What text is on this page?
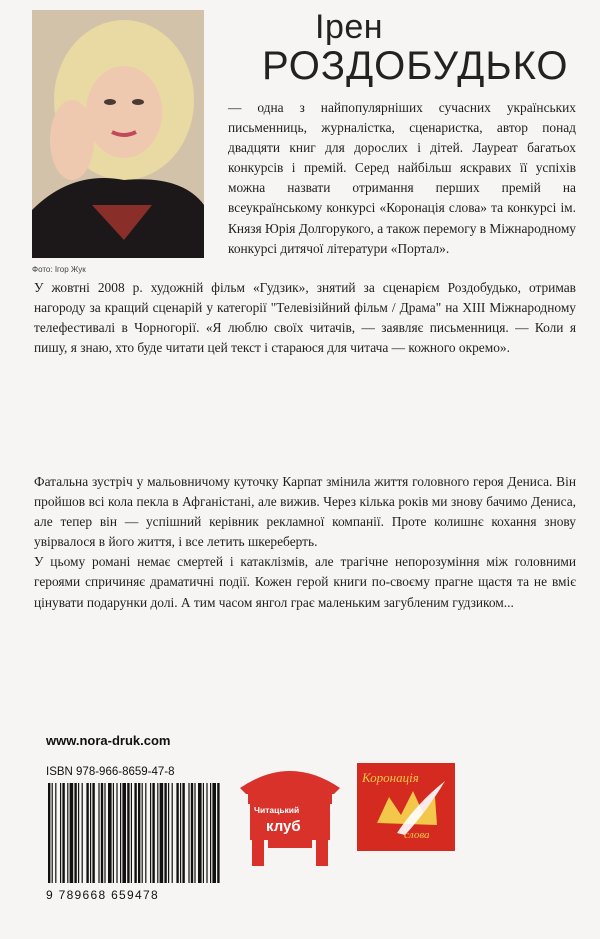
Фото: Ігор Жук
Ірен
РОЗДОБУДЬКО
— одна з найпопулярніших сучасних українських письменниць, журналістка, сценаристка, автор понад двадцяти книг для дорослих і дітей. Лауреат багатьох конкурсів і премій. Серед найбільш яскравих її успіхів можна назвати отримання перших премій на всеукраїнському конкурсі «Коронація слова» та конкурсі ім. Князя Юрія Долгорукого, а також перемогу в Міжнародному конкурсі дитячої літератури «Портал».
У жовтні 2008 р. художній фільм «Гудзик», знятий за сценарієм Роздобудько, отримав нагороду за кращий сценарій у категорії "Телевізійний фільм / Драма" на XIII Міжнародному телефестивалі в Чорногорії. «Я люблю своїх читачів, — заявляє письменниця. — Коли я пишу, я знаю, хто буде читати цей текст і стараюся для читача — кожного окремо».

Фатальна зустріч у мальовничому куточку Карпат змінила життя головного героя Дениса. Він пройшов всі кола пекла в Афганістані, але вижив. Через кілька років ми знову бачимо Дениса, але тепер він — успішний керівник рекламної компанії. Проте колишнє кохання знову увірвалося в його життя, і все летить шкереберть.

У цьому романі немає смертей і катаклізмів, але трагічне непорозуміння між головними героями спричиняє драматичні події. Кожен герой книги по-своєму прагне щастя та не вміє цінувати подарунки долі. А тим часом янгол грає маленьким загубленим гудзиком...

www.nora-druk.com
ISBN 978-966-8659-47-8
9 789668 659478
Читацький
клуб
Коронація
слова
